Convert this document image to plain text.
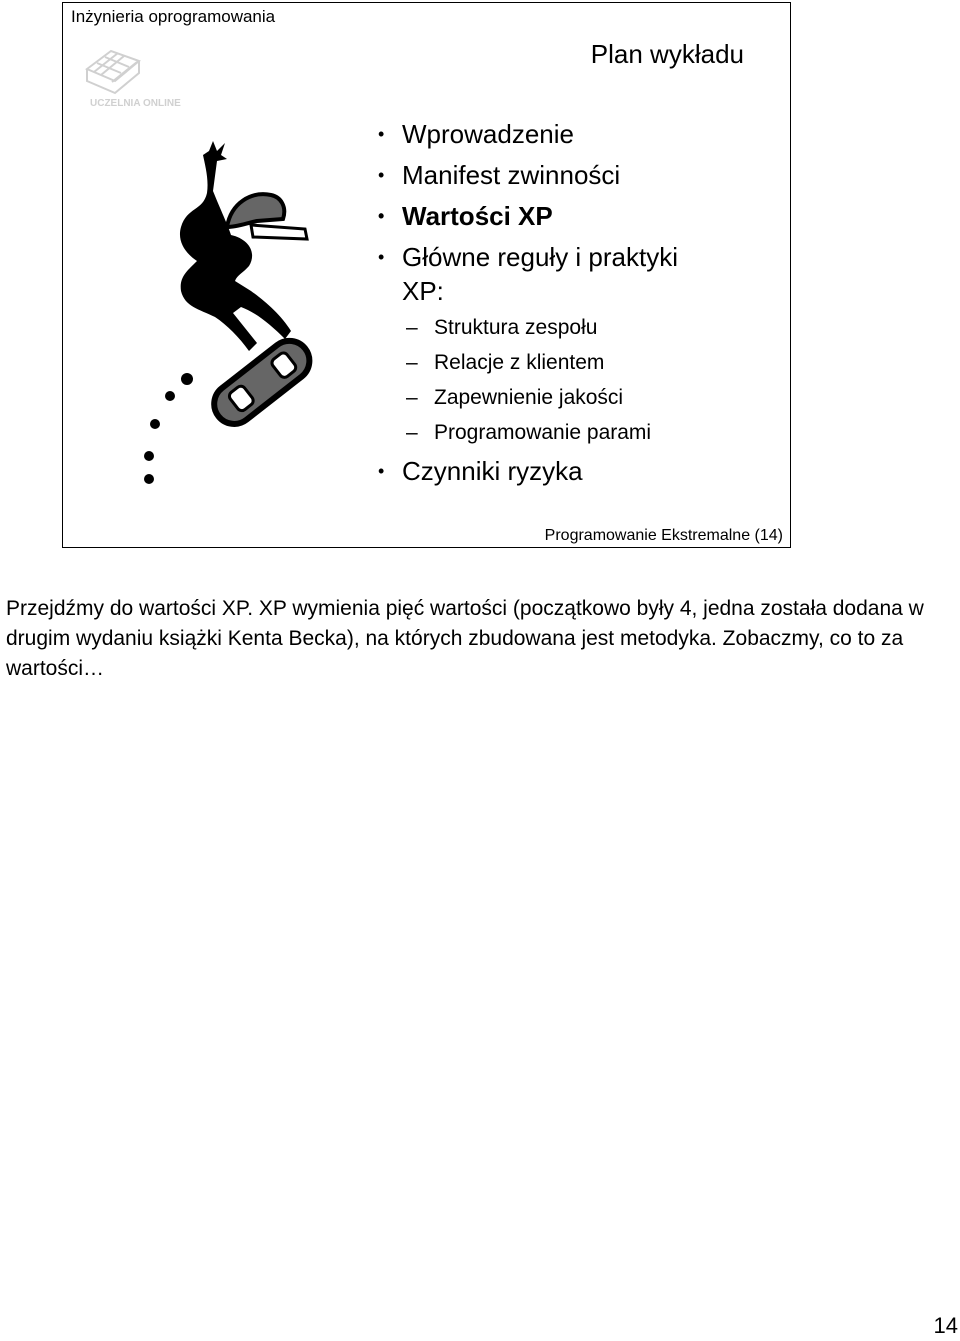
Inżynieria oprogramowania
UCZELNIA ONLINE
Plan wykładu
• Wprowadzenie
• Manifest zwinności
• Wartości XP
• Główne reguły i praktyki
XP:
– Struktura zespołu
– Relacje z klientem
– Zapewnienie jakości
– Programowanie parami
• Czynniki ryzyka
Programowanie Ekstremalne (14)
Przejdźmy do wartości XP. XP wymienia pięć wartości (początkowo były 4, jedna została dodana w drugim wydaniu książki Kenta Becka), na których zbudowana jest metodyka. Zobaczmy, co to za wartości…
14
